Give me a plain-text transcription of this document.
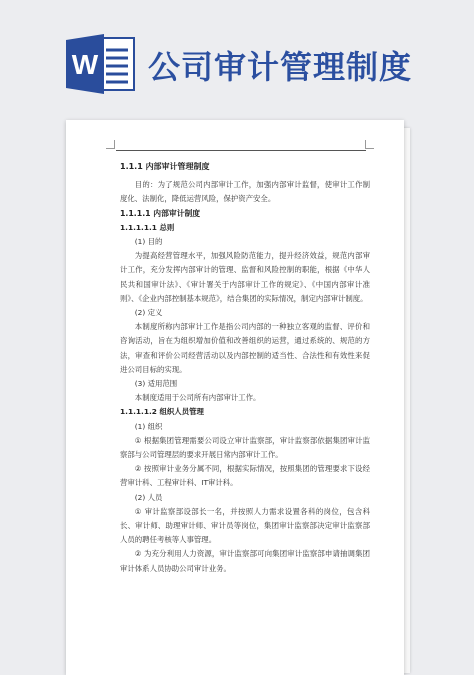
W 公司审计管理制度
1.1.1 内部审计管理制度
目的：为了规范公司内部审计工作，加强内部审计监督，使审计工作制度化、法制化，降低运营风险，保护资产安全。
1.1.1.1 内部审计制度
1.1.1.1.1 总则
(1) 目的
为提高经营管理水平，加强风险防范能力，提升经济效益，规范内部审计工作，充分发挥内部审计的管理、监督和风险控制的职能，根据《中华人民共和国审计法》、《审计署关于内部审计工作的规定》、《中国内部审计准则》、《企业内部控制基本规范》，结合集团的实际情况，制定内部审计制度。
(2) 定义
本制度所称内部审计工作是指公司内部的一种独立客观的监督、评价和咨询活动，旨在为组织增加价值和改善组织的运营，通过系统的、规范的方法，审查和评价公司经营活动以及内部控制的适当性、合法性和有效性来促进公司目标的实现。
(3) 适用范围
本制度适用于公司所有内部审计工作。
1.1.1.1.2 组织人员管理
(1) 组织
① 根据集团管理需要公司设立审计监察部，审计监察部依据集团审计监察部与公司管理层的要求开展日常内部审计工作。
② 按照审计业务分属不同，根据实际情况，按照集团的管理要求下设经营审计科、工程审计科、IT审计科。
(2) 人员
① 审计监察部设部长一名，并按照人力需求设置各科的岗位，包含科长、审计师、助理审计师、审计员等岗位，集团审计监察部决定审计监察部人员的聘任考核等人事管理。
② 为充分利用人力资源，审计监察部可向集团审计监察部申请抽调集团审计体系人员协助公司审计业务。
